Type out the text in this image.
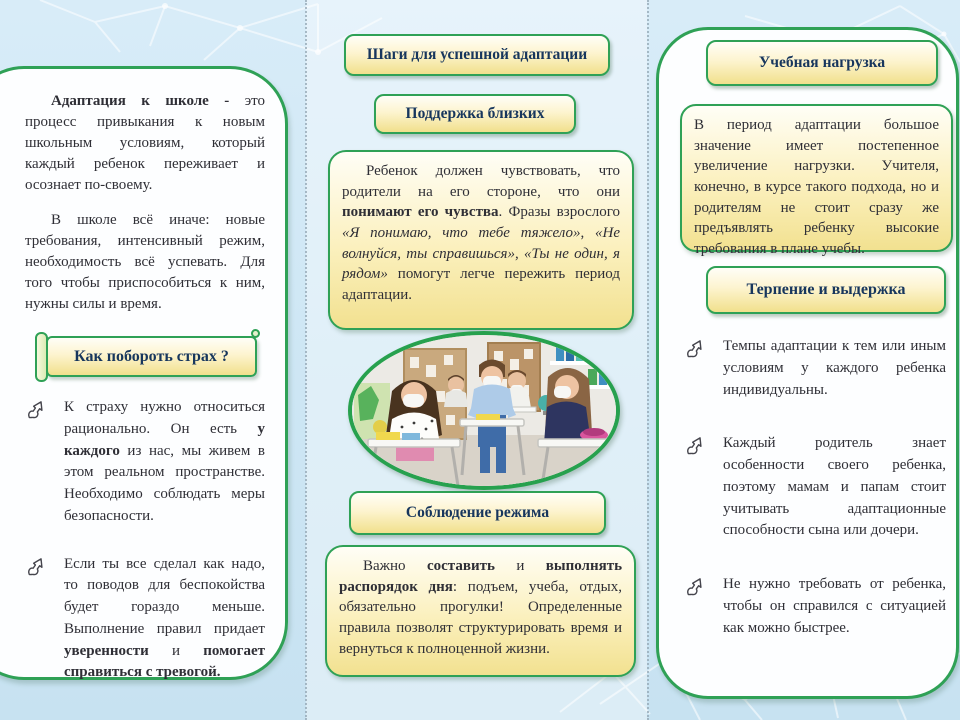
Адаптация к школе - это процесс привыкания к новым школьным условиям, который каждый ребенок переживает и осознает по-своему.

В школе всё иначе: новые требования, интенсивный режим, необходимость всё успевать. Для того чтобы приспособиться к ним, нужны силы и время.

Как побороть страх ?
К страху нужно относиться рационально. Он есть у каждого из нас, мы живем в этом реальном пространстве. Необходимо соблюдать меры безопасности.
Если ты все сделал как надо, то поводов для беспокойства будет гораздо меньше. Выполнение правил придает уверенности и помогает справиться с тревогой.
Шаги для успешной адаптации
Поддержка близких

Ребенок должен чувствовать, что родители на его стороне, что они понимают его чувства. Фразы взрослого «Я понимаю, что тебе тяжело», «Не волнуйся, ты справишься», «Ты не один, я рядом» помогут легче пережить период адаптации.

Соблюдение режима

Важно составить и выполнять распорядок дня: подъем, учеба, отдых, обязательно прогулки! Определенные правила позволят структурировать время и вернуться к полноценной жизни.

Учебная нагрузка

В период адаптации большое значение имеет постепенное увеличение нагрузки. Учителя, конечно, в курсе такого подхода, но и родителям не стоит сразу же предъявлять ребенку высокие требования в плане учебы.

Терпение и выдержка
Темпы адаптации к тем или иным условиям у каждого ребенка индивидуальны.
Каждый родитель знает особенности своего ребенка, поэтому мамам и папам стоит учитывать адаптационные способности сына или дочери.
Не нужно требовать от ребенка, чтобы он справился с ситуацией как можно быстрее.
